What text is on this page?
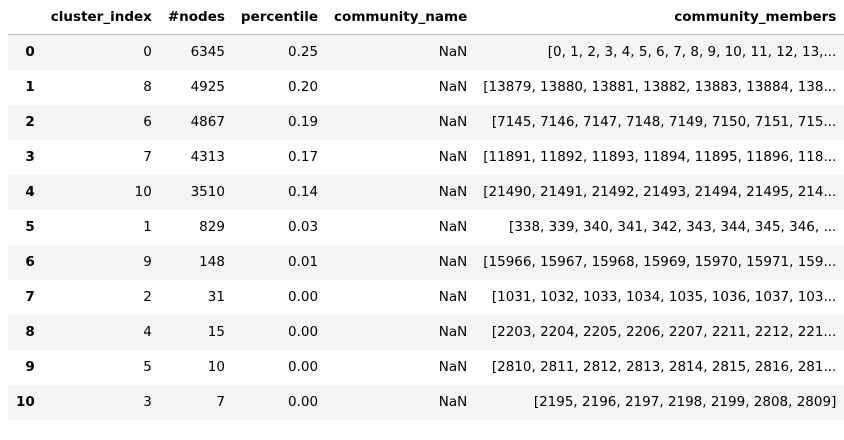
	cluster_index	#nodes	percentile	community_name	community_members
0	0	6345	0.25	NaN	[0, 1, 2, 3, 4, 5, 6, 7, 8, 9, 10, 11, 12, 13,...
1	8	4925	0.20	NaN	[13879, 13880, 13881, 13882, 13883, 13884, 138...
2	6	4867	0.19	NaN	[7145, 7146, 7147, 7148, 7149, 7150, 7151, 715...
3	7	4313	0.17	NaN	[11891, 11892, 11893, 11894, 11895, 11896, 118...
4	10	3510	0.14	NaN	[21490, 21491, 21492, 21493, 21494, 21495, 214...
5	1	829	0.03	NaN	[338, 339, 340, 341, 342, 343, 344, 345, 346, ...
6	9	148	0.01	NaN	[15966, 15967, 15968, 15969, 15970, 15971, 159...
7	2	31	0.00	NaN	[1031, 1032, 1033, 1034, 1035, 1036, 1037, 103...
8	4	15	0.00	NaN	[2203, 2204, 2205, 2206, 2207, 2211, 2212, 221...
9	5	10	0.00	NaN	[2810, 2811, 2812, 2813, 2814, 2815, 2816, 281...
10	3	7	0.00	NaN	[2195, 2196, 2197, 2198, 2199, 2808, 2809]
